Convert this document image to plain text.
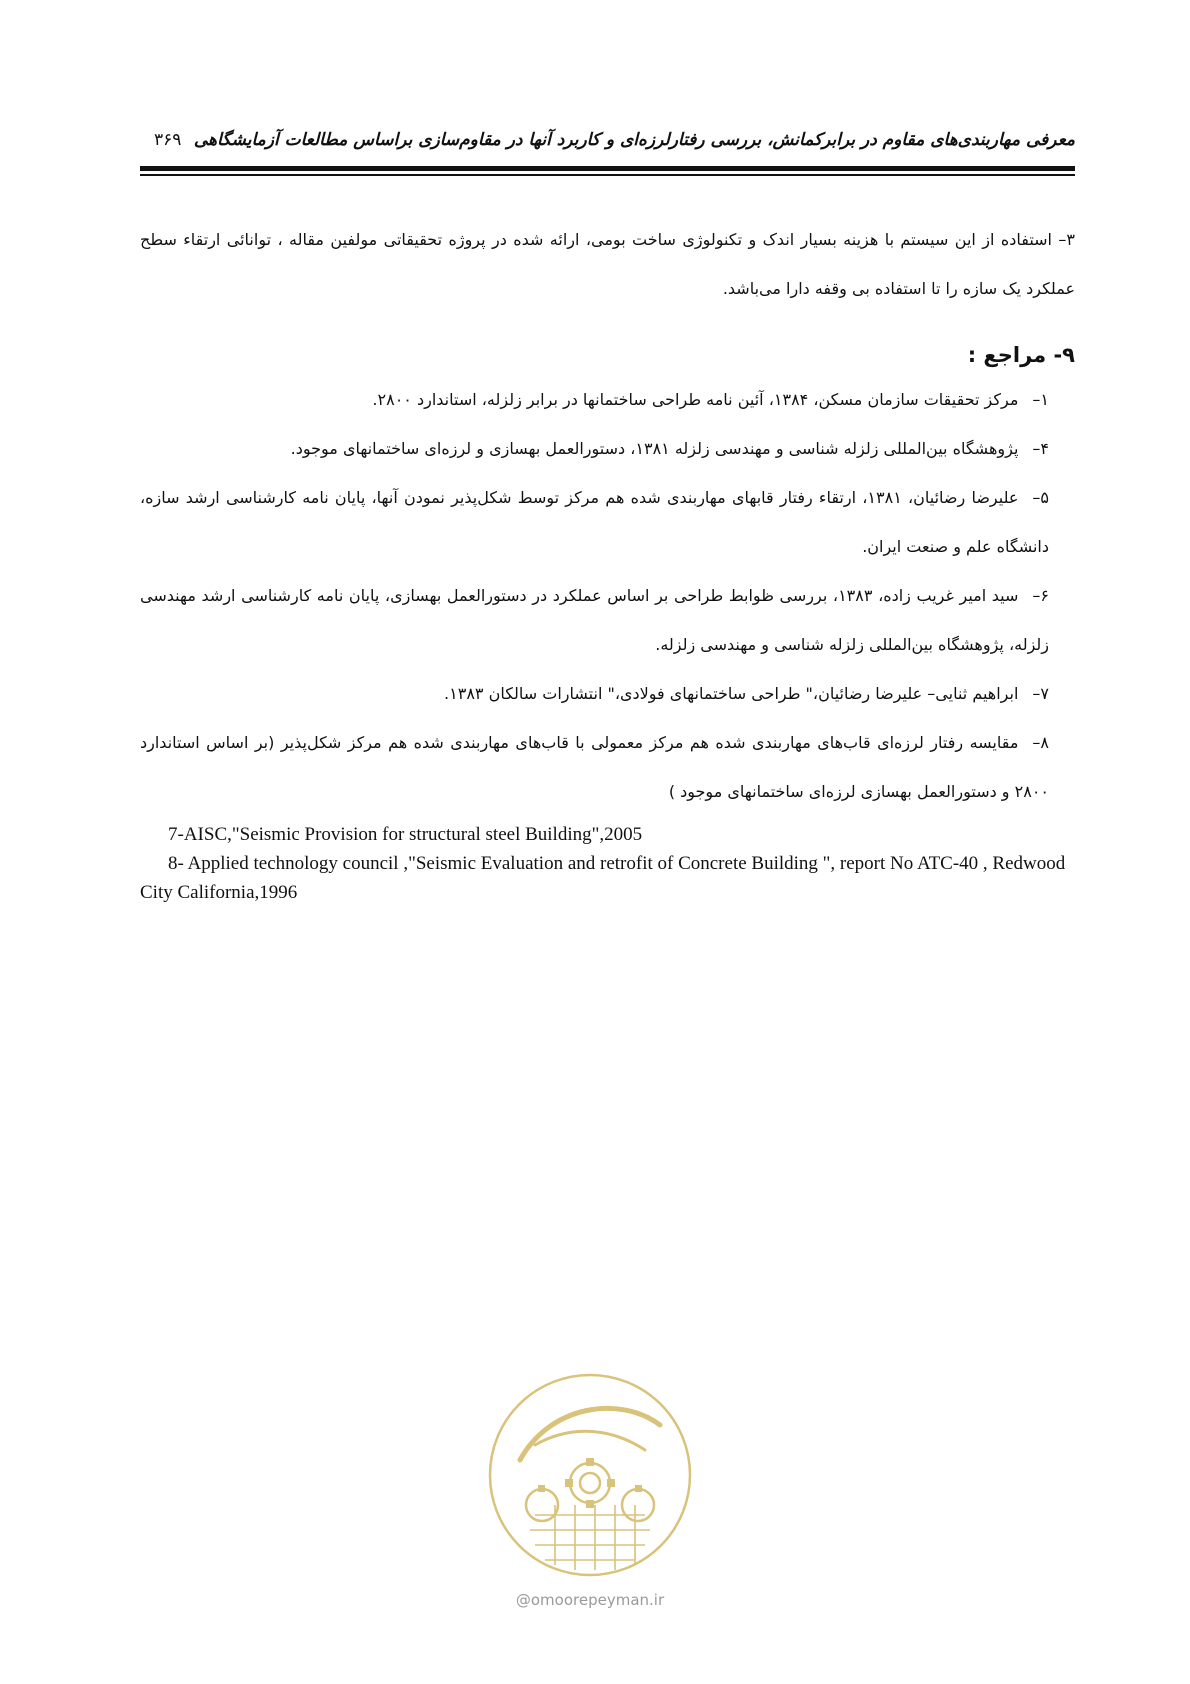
۳۶۹ معرفی مهاربندی‌های مقاوم در برابرکمانش، بررسی رفتارلرزه‌ای و کاربرد آنها در مقاوم‌سازی براساس مطالعات آزمایشگاهی

۳– استفاده از این سیستم با هزینه بسیار اندک و تکنولوژی ساخت بومی، ارائه شده در پروژه تحقیقاتی مولفین مقاله ، توانائی ارتقاء سطح عملکرد یک سازه را تا استفاده بی وقفه دارا می‌باشد.

۹- مراجع :
۱–مرکز تحقیقات سازمان مسکن، ۱۳۸۴، آئین نامه طراحی ساختمانها در برابر زلزله، استاندارد ۲۸۰۰.
۴–پژوهشگاه بین‌المللی زلزله شناسی و مهندسی زلزله ۱۳۸۱، دستورالعمل بهسازی و لرزه‌ای ساختمانهای موجود.
۵–علیرضا رضائیان، ۱۳۸۱، ارتقاء رفتار قابهای مهاربندی شده هم مرکز توسط شکل‌پذیر نمودن آنها، پایان نامه کارشناسی ارشد سازه، دانشگاه علم و صنعت ایران.
۶–سید امیر غریب زاده، ۱۳۸۳، بررسی ظوابط طراحی بر اساس عملکرد در دستورالعمل بهسازی، پایان نامه کارشناسی ارشد مهندسی زلزله، پژوهشگاه بین‌المللی زلزله شناسی و مهندسی زلزله.
۷–ابراهیم ثنایی– علیرضا رضائیان،" طراحی ساختمانهای فولادی،" انتشارات سالکان ۱۳۸۳.
۸–مقایسه رفتار لرزه‌ای قاب‌های مهاربندی شده هم مرکز معمولی با قاب‌های مهاربندی شده هم مرکز شکل‌پذیر (بر اساس استاندارد ۲۸۰۰ و دستورالعمل بهسازی لرزه‌ای ساختمانهای موجود )

7-AISC,"Seismic Provision for structural steel Building",2005

8- Applied technology council ,"Seismic Evaluation and retrofit of Concrete Building ", report No ATC-40 , Redwood City California,1996

@omoorepeyman.ir
